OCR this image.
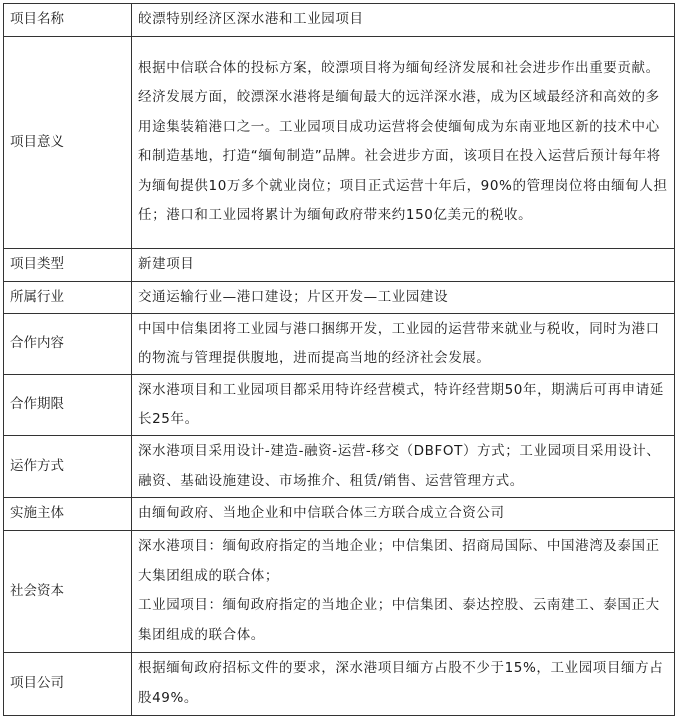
项目名称	皎漂特别经济区深水港和工业园项目

项目意义	根据中信联合体的投标方案，皎漂项目将为缅甸经济发展和社会进步作出重要贡献。经济发展方面，皎漂深水港将是缅甸最大的远洋深水港，成为区域最经济和高效的多用途集装箱港口之一。工业园项目成功运营将会使缅甸成为东南亚地区新的技术中心和制造基地，打造“缅甸制造”品牌。社会进步方面，该项目在投入运营后预计每年将为缅甸提供10万多个就业岗位；项目正式运营十年后，90%的管理岗位将由缅甸人担任；港口和工业园将累计为缅甸政府带来约150亿美元的税收。

项目类型	新建项目

所属行业	交通运输行业—港口建设；片区开发—工业园建设

合作内容	中国中信集团将工业园与港口捆绑开发，工业园的运营带来就业与税收，同时为港口的物流与管理提供腹地，进而提高当地的经济社会发展。

合作期限	深水港项目和工业园项目都采用特许经营模式，特许经营期50年，期满后可再申请延长25年。

运作方式	深水港项目采用设计-建造-融资-运营-移交（DBFOT）方式；工业园项目采用设计、融资、基础设施建设、市场推介、租赁/销售、运营管理方式。

实施主体	由缅甸政府、当地企业和中信联合体三方联合成立合资公司

社会资本	深水港项目：缅甸政府指定的当地企业；中信集团、招商局国际、中国港湾及泰国正大集团组成的联合体；
工业园项目：缅甸政府指定的当地企业；中信集团、泰达控股、云南建工、泰国正大集团组成的联合体。

项目公司	根据缅甸政府招标文件的要求，深水港项目缅方占股不少于15%，工业园项目缅方占股49%。
